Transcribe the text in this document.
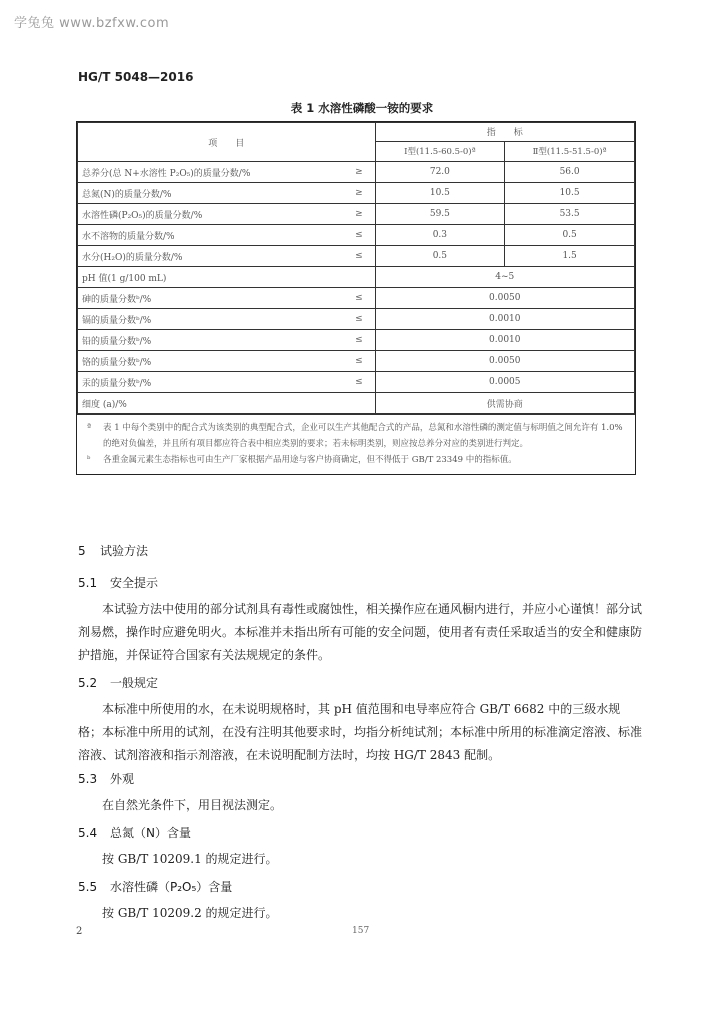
学兔兔 www.bzfxw.com
HG/T 5048—2016
表 1 水溶性磷酸一铵的要求
项　　目		指　　标	
		Ⅰ型(11.5-60.5-0)ª	Ⅱ型(11.5-51.5-0)ª
总养分(总 N+水溶性 P₂O₅)的质量分数/%	≥	72.0	56.0
总氮(N)的质量分数/%	≥	10.5	10.5
水溶性磷(P₂O₅)的质量分数/%	≥	59.5	53.5
水不溶物的质量分数/%	≤	0.3	0.5
水分(H₂O)的质量分数/%	≤	0.5	1.5
pH 值(1 g/100 mL)		4~5	
砷的质量分数ᵇ/%	≤	0.0050	
镉的质量分数ᵇ/%	≤	0.0010	
铅的质量分数ᵇ/%	≤	0.0010	
铬的质量分数ᵇ/%	≤	0.0050	
汞的质量分数ᵇ/%	≤	0.0005	
细度 (a)/%		供需协商	
ª	表 1 中每个类别中的配合式为该类别的典型配合式，企业可以生产其他配合式的产品，总氮和水溶性磷的测定值与标明值之间允许有 1.0% 的绝对负偏差，并且所有项目都应符合表中相应类别的要求；若未标明类别，则应按总养分对应的类别进行判定。
ᵇ	各重金属元素生态指标也可由生产厂家根据产品用途与客户协商确定，但不得低于 GB/T 23349 中的指标值。
5 试验方法
5.1 安全提示
本试验方法中使用的部分试剂具有毒性或腐蚀性，相关操作应在通风橱内进行，并应小心谨慎！部分试剂易燃，操作时应避免明火。本标准并未指出所有可能的安全问题，使用者有责任采取适当的安全和健康防护措施，并保证符合国家有关法规规定的条件。
5.2 一般规定
本标准中所使用的水，在未说明规格时，其 pH 值范围和电导率应符合 GB/T 6682 中的三级水规格；本标准中所用的试剂，在没有注明其他要求时，均指分析纯试剂；本标准中所用的标准滴定溶液、标准溶液、试剂溶液和指示剂溶液，在未说明配制方法时，均按 HG/T 2843 配制。
5.3 外观
在自然光条件下，用目视法测定。
5.4 总氮（N）含量
按 GB/T 10209.1 的规定进行。
5.5 水溶性磷（P₂O₅）含量
按 GB/T 10209.2 的规定进行。
2	157
